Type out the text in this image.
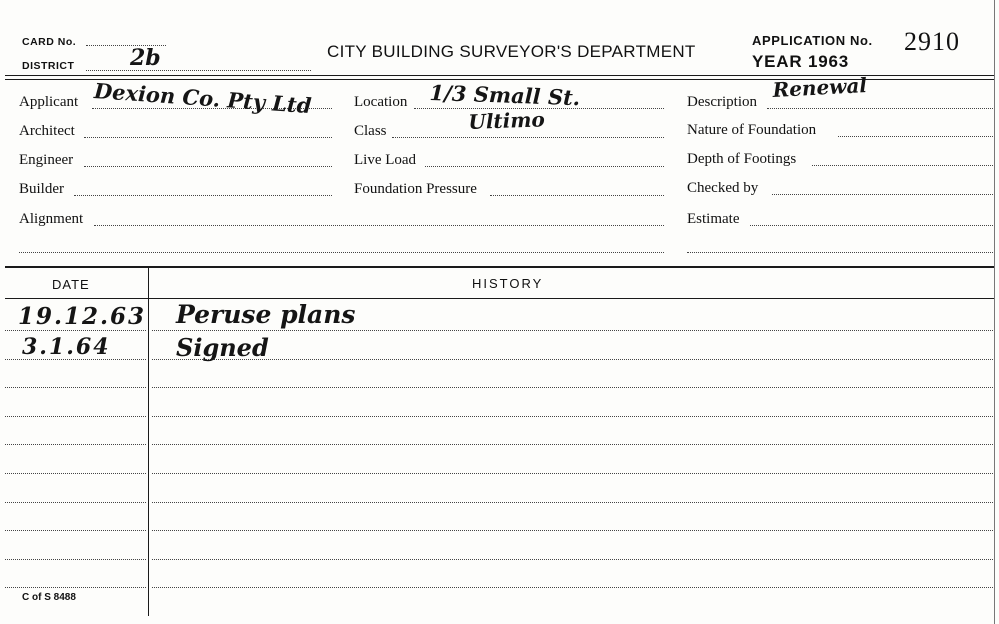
CARD No.
DISTRICT	2b	CITY BUILDING SURVEYOR'S DEPARTMENT
APPLICATION No. 2910
YEAR 1963
Applicant Dexion Co. Pty Ltd
Architect
Engineer
Builder
Alignment
Location 1/3 Small St.
Class	Ultimo
Live Load
Foundation Pressure
Description
Renewal
Nature of Foundation
Depth of Footings
Checked by
Estimate
DATE	HISTORY
19.12.63 Peruse plans
3.1.64	Signed
C of S 8488
